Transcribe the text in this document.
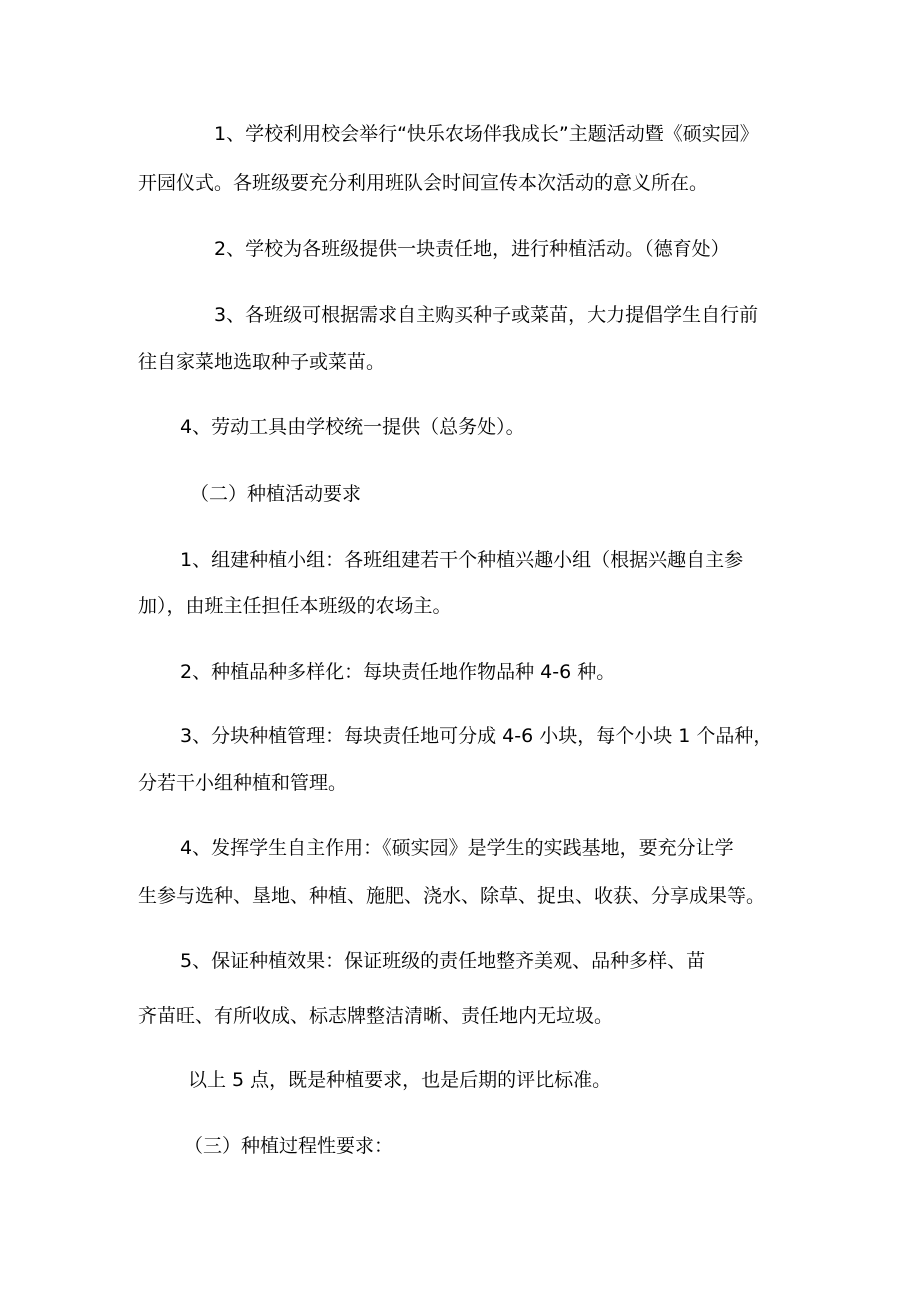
1、学校利用校会举行“快乐农场伴我成长”主题活动暨《硕实园》
开园仪式。各班级要充分利用班队会时间宣传本次活动的意义所在。
2、学校为各班级提供一块责任地，进行种植活动。（德育处）
3、各班级可根据需求自主购买种子或菜苗，大力提倡学生自行前
往自家菜地选取种子或菜苗。
4、劳动工具由学校统一提供（总务处）。
（二）种植活动要求
1、组建种植小组：各班组建若干个种植兴趣小组（根据兴趣自主参
加），由班主任担任本班级的农场主。
2、种植品种多样化：每块责任地作物品种 4-6 种。
3、分块种植管理：每块责任地可分成 4-6 小块，每个小块 1 个品种，
分若干小组种植和管理。
4、发挥学生自主作用：《硕实园》是学生的实践基地，要充分让学
生参与选种、垦地、种植、施肥、浇水、除草、捉虫、收获、分享成果等。
5、保证种植效果：保证班级的责任地整齐美观、品种多样、苗
齐苗旺、有所收成、标志牌整洁清晰、责任地内无垃圾。
以上 5 点，既是种植要求，也是后期的评比标准。
（三）种植过程性要求：
